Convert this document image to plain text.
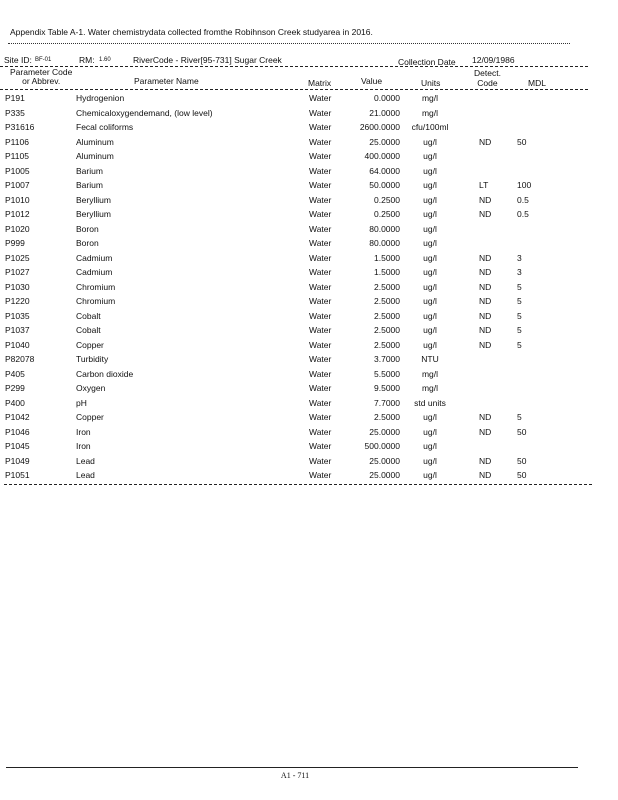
Appendix Table A-1. Water chemistrydata collected fromthe Robihnson Creek studyarea in 2016.
Site ID: BF-01	RM: 1.60	RiverCode - River[95-731] Sugar Creek	Collection Date 12/09/1986
Parameter Code
or Abbrev.	Parameter Name	Matrix	Value	Units
Detect.
Code	MDL
P191	Hydrogenion	Water	0.0000	mg/l
P335	Chemicaloxygendemand, (low level)	Water	21.0000	mg/l
P31616	Fecal coliforms	Water	2600.0000 cfu/100ml
P1106	Aluminum	Water	25.0000	ug/l	ND	50
P1105	Aluminum	Water	400.0000	ug/l
P1005	Barium	Water	64.0000	ug/l
P1007	Barium	Water	50.0000	ug/l	LT	100
P1010	Beryllium	Water	0.2500	ug/l	ND	0.5
P1012	Beryllium	Water	0.2500	ug/l	ND	0.5
P1020	Boron	Water	80.0000	ug/l
P999	Boron	Water	80.0000	ug/l
P1025	Cadmium	Water	1.5000	ug/l	ND	3
P1027	Cadmium	Water	1.5000	ug/l	ND	3
P1030	Chromium	Water	2.5000	ug/l	ND	5
P1220	Chromium	Water	2.5000	ug/l	ND	5
P1035	Cobalt	Water	2.5000	ug/l	ND	5
P1037	Cobalt	Water	2.5000	ug/l	ND	5
P1040	Copper	Water	2.5000	ug/l	ND	5
P82078	Turbidity	Water	3.7000	NTU
P405	Carbon dioxide	Water	5.5000	mg/l
P299	Oxygen	Water	9.5000	mg/l
P400	pH	Water	7.7000 std units
P1042	Copper	Water	2.5000	ug/l	ND	5
P1046	Iron	Water	25.0000	ug/l	ND	50
P1045	Iron	Water	500.0000	ug/l
P1049	Lead	Water	25.0000	ug/l	ND	50
P1051	Lead	Water	25.0000	ug/l	ND	50
A1 - 711
